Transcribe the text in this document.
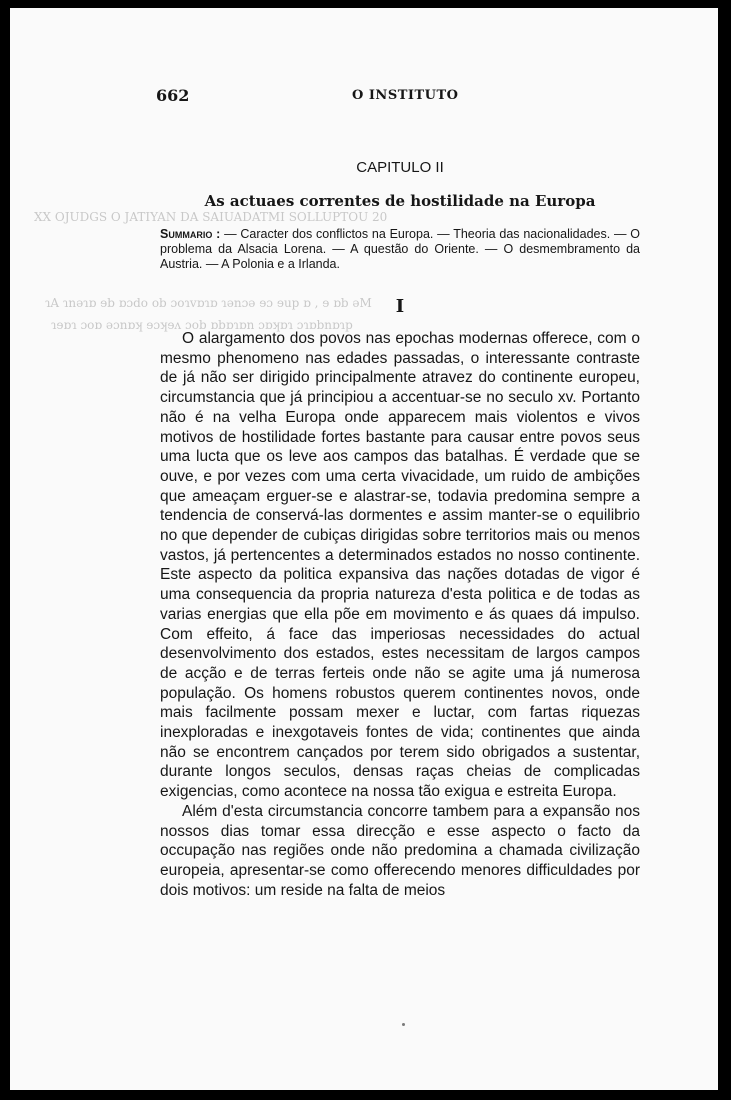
XX OJUDGS O JATIYAN DA SAIUADATMI SOLLUPTOU 20
ɿA ɿnəɿɒ ɘb ɒɔdo ob ɔoɿvɒɿɒ ɿənɔə ɘɔ ɘup ɒ , ɘ ɒb əM
ɿɘɒɿ ɔoɒ əɔnɒʞ ɘɔʞɘʌ ɔob ɒbɒɿɒn ɔɒʞɒɿ ɔɿɒbnɒɿp
662	O INSTITUTO
CAPITULO II
As actuaes correntes de hostilidade na Europa

Summario : — Caracter dos conflictos na Europa. — Theoria das nacionalidades. — O problema da Alsacia Lorena. — A questão do Oriente. — O desmembramento da Austria. — A Polonia e a Irlanda.

I

O alargamento dos povos nas epochas modernas offerece, com o mesmo phenomeno nas edades passadas, o interessante contraste de já não ser dirigido principalmente atravez do continente europeu, circumstancia que já principiou a accentuar-se no seculo xv. Portanto não é na velha Europa onde apparecem mais violentos e vivos motivos de hostilidade fortes bastante para causar entre povos seus uma lucta que os leve aos campos das batalhas. É verdade que se ouve, e por vezes com uma certa vivacidade, um ruido de ambições que ameaçam erguer-se e alastrar-se, todavia predomina sempre a tendencia de conservá-las dormentes e assim manter-se o equilibrio no que depender de cubiças dirigidas sobre territorios mais ou menos vastos, já pertencentes a determinados estados no nosso continente. Este aspecto da politica expansiva das nações dotadas de vigor é uma consequencia da propria natureza d'esta politica e de todas as varias energias que ella põe em movimento e ás quaes dá impulso. Com effeito, á face das imperiosas necessidades do actual desenvolvimento dos estados, estes necessitam de largos campos de acção e de terras ferteis onde não se agite uma já numerosa população. Os homens robustos querem continentes novos, onde mais facilmente possam mexer e luctar, com fartas riquezas inexploradas e inexgotaveis fontes de vida; continentes que ainda não se encontrem cançados por terem sido obrigados a sustentar, durante longos seculos, densas raças cheias de complicadas exigencias, como acontece na nossa tão exigua e estreita Europa.

Além d'esta circumstancia concorre tambem para a expansão nos nossos dias tomar essa direcção e esse aspecto o facto da occupação nas regiões onde não predomina a chamada civilização europeia, apresentar-se como offerecendo menores difficuldades por dois motivos: um reside na falta de meios
